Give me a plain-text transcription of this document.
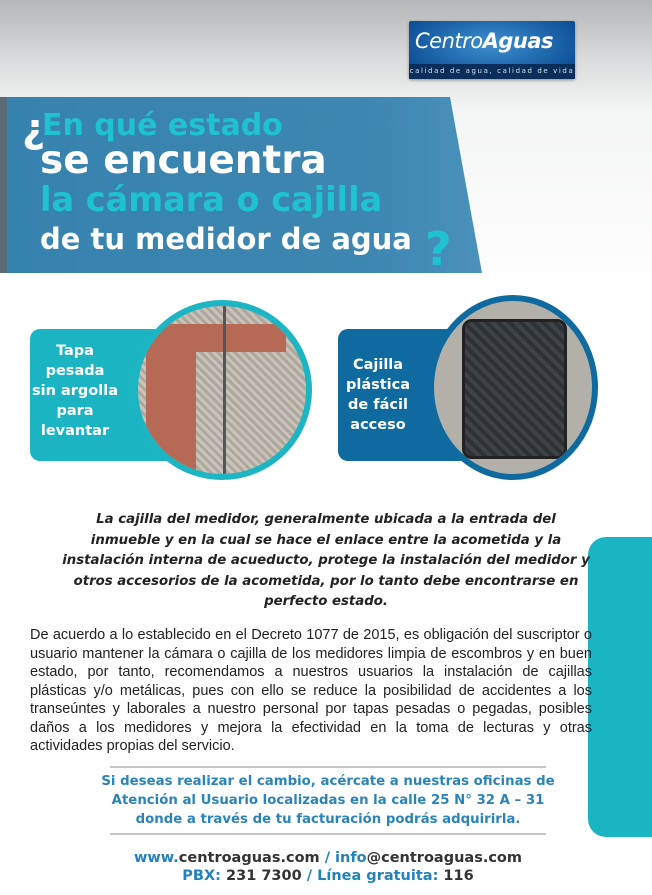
CentroAguas
calidad de agua, calidad de vida
¿
En qué estado
se encuentra
la cámara o cajilla
de tu medidor de agua ?
Tapa
pesada
sin argolla
para
levantar
Cajilla
plástica
de fácil
acceso
La cajilla del medidor, generalmente ubicada a la entrada del inmueble y en la cual se hace el enlace entre la acometida y la instalación interna de acueducto, protege la instalación del medidor y otros accesorios de la acometida, por lo tanto debe encontrarse en perfecto estado.
De acuerdo a lo establecido en el Decreto 1077 de 2015, es obligación del suscriptor o usuario mantener la cámara o cajilla de los medidores limpia de escombros y en buen estado, por tanto, recomendamos a nuestros usuarios la instalación de cajillas plásticas y/o metálicas, pues con ello se reduce la posibilidad de accidentes a los transeúntes y laborales a nuestro personal por tapas pesadas o pegadas, posibles daños a los medidores y mejora la efectividad en la toma de lecturas y otras actividades propias del servicio.
Si deseas realizar el cambio, acércate a nuestras oficinas de
Atención al Usuario localizadas en la calle 25 N° 32 A – 31
donde a través de tu facturación podrás adquirirla.
www.centroaguas.com / info@centroaguas.com
PBX: 231 7300 / Línea gratuita: 116
